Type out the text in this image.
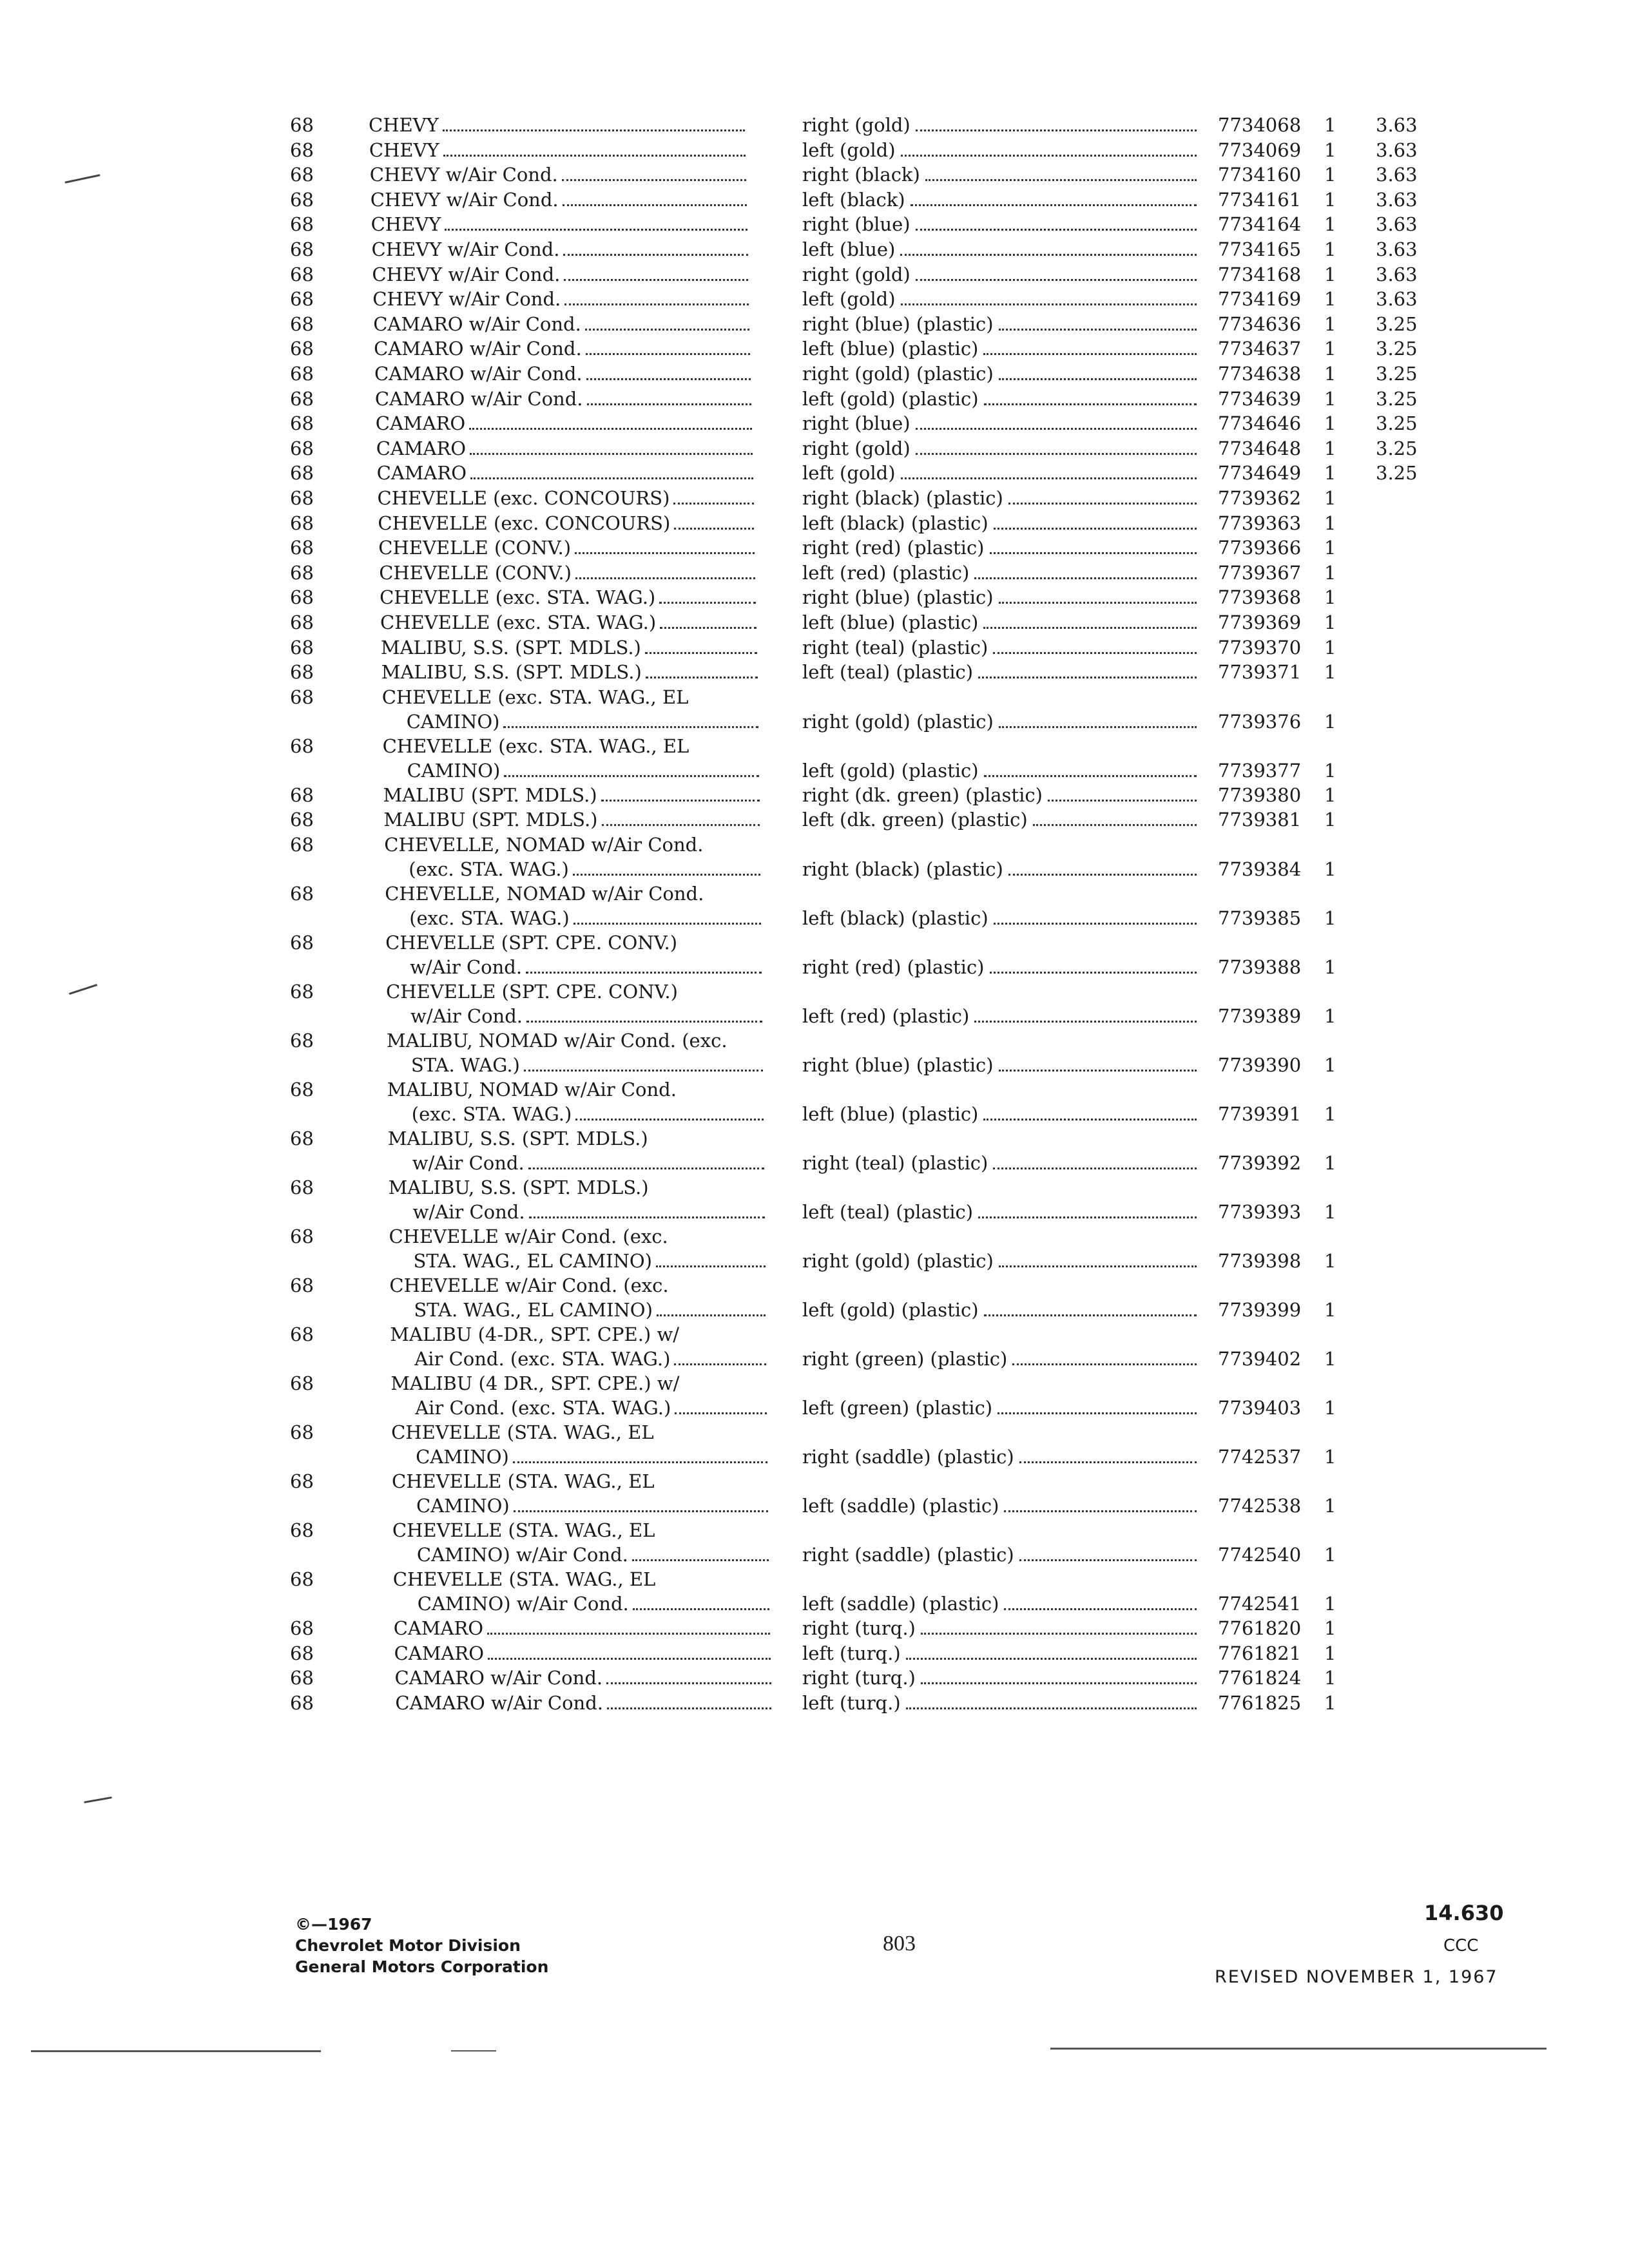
68	CHEVY	right (gold)	7734068 1 3.63
68	CHEVY	left (gold)	7734069 1 3.63
68	CHEVY w/Air Cond.	right (black)	7734160 1 3.63
68	CHEVY w/Air Cond.	left (black)	7734161 1 3.63
68	CHEVY	right (blue)	7734164 1 3.63
68	CHEVY w/Air Cond.	left (blue)	7734165 1 3.63
68	CHEVY w/Air Cond.	right (gold)	7734168 1 3.63
68	CHEVY w/Air Cond.	left (gold)	7734169 1 3.63
68	CAMARO w/Air Cond.	right (blue) (plastic)	7734636 1 3.25
68	CAMARO w/Air Cond.	left (blue) (plastic)	7734637 1 3.25
68	CAMARO w/Air Cond.	right (gold) (plastic)	7734638 1 3.25
68	CAMARO w/Air Cond.	left (gold) (plastic)	7734639 1 3.25
68	CAMARO	right (blue)	7734646 1 3.25
68	CAMARO	right (gold)	7734648 1 3.25
68	CAMARO	left (gold)	7734649 1 3.25
68	CHEVELLE (exc. CONCOURS)	right (black) (plastic)	7739362 1
68	CHEVELLE (exc. CONCOURS)	left (black) (plastic)	7739363 1
68	CHEVELLE (CONV.)	right (red) (plastic)	7739366 1
68	CHEVELLE (CONV.)	left (red) (plastic)	7739367 1
68	CHEVELLE (exc. STA. WAG.)	right (blue) (plastic)	7739368 1
68	CHEVELLE (exc. STA. WAG.)	left (blue) (plastic)	7739369 1
68	MALIBU, S.S. (SPT. MDLS.)	right (teal) (plastic)	7739370 1
68	MALIBU, S.S. (SPT. MDLS.)	left (teal) (plastic)	7739371 1
68	CHEVELLE (exc. STA. WAG., EL
CAMINO)	right (gold) (plastic)	7739376 1
68	CHEVELLE (exc. STA. WAG., EL
CAMINO)	left (gold) (plastic)	7739377 1
68	MALIBU (SPT. MDLS.)	right (dk. green) (plastic)	7739380 1
68	MALIBU (SPT. MDLS.)	left (dk. green) (plastic)	7739381 1
68	CHEVELLE, NOMAD w/Air Cond.
(exc. STA. WAG.)	right (black) (plastic)	7739384 1
68	CHEVELLE, NOMAD w/Air Cond.
(exc. STA. WAG.)	left (black) (plastic)	7739385 1
68	CHEVELLE (SPT. CPE. CONV.)
w/Air Cond.	right (red) (plastic)	7739388 1
68	CHEVELLE (SPT. CPE. CONV.)
w/Air Cond.	left (red) (plastic)	7739389 1
68	MALIBU, NOMAD w/Air Cond. (exc.
STA. WAG.)	right (blue) (plastic)	7739390 1
68	MALIBU, NOMAD w/Air Cond.
(exc. STA. WAG.)	left (blue) (plastic)	7739391 1
68	MALIBU, S.S. (SPT. MDLS.)
w/Air Cond.	right (teal) (plastic)	7739392 1
68	MALIBU, S.S. (SPT. MDLS.)
w/Air Cond.	left (teal) (plastic)	7739393 1
68	CHEVELLE w/Air Cond. (exc.
STA. WAG., EL CAMINO)	right (gold) (plastic)	7739398 1
68	CHEVELLE w/Air Cond. (exc.
STA. WAG., EL CAMINO)	left (gold) (plastic)	7739399 1
68	MALIBU (4-DR., SPT. CPE.) w/
Air Cond. (exc. STA. WAG.)	right (green) (plastic)	7739402 1
68	MALIBU (4 DR., SPT. CPE.) w/
Air Cond. (exc. STA. WAG.)	left (green) (plastic)	7739403 1
68	CHEVELLE (STA. WAG., EL
CAMINO)	right (saddle) (plastic)	7742537 1
68	CHEVELLE (STA. WAG., EL
CAMINO)	left (saddle) (plastic)	7742538 1
68	CHEVELLE (STA. WAG., EL
CAMINO) w/Air Cond.	right (saddle) (plastic)	7742540 1
68	CHEVELLE (STA. WAG., EL
CAMINO) w/Air Cond.	left (saddle) (plastic)	7742541 1
68	CAMARO	right (turq.)	7761820 1
68	CAMARO	left (turq.)	7761821 1
68	CAMARO w/Air Cond.	right (turq.)	7761824 1
68	CAMARO w/Air Cond.	left (turq.)	7761825 1
©—1967
Chevrolet Motor Division
General Motors Corporation
803
14.630
CCC
REVISED NOVEMBER 1, 1967
